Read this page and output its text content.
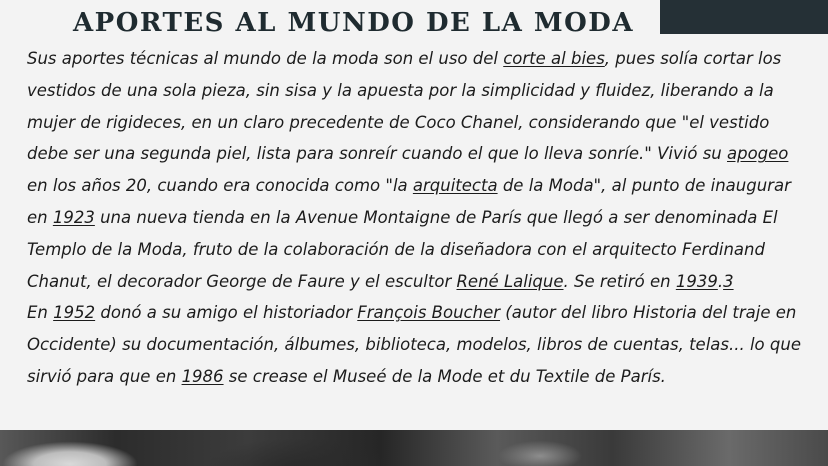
APORTES AL MUNDO DE LA MODA

Sus aportes técnicas al mundo de la moda son el uso del corte al bies, pues solía cortar los vestidos de una sola pieza, sin sisa y la apuesta por la simplicidad y fluidez, liberando a la mujer de rigideces, en un claro precedente de Coco Chanel, considerando que "el vestido debe ser una segunda piel, lista para sonreír cuando el que lo lleva sonríe." Vivió su apogeo en los años 20, cuando era conocida como "la arquitecta de la Moda", al punto de inaugurar en 1923 una nueva tienda en la Avenue Montaigne de París que llegó a ser denominada El Templo de la Moda, fruto de la colaboración de la diseñadora con el arquitecto Ferdinand Chanut, el decorador George de Faure y el escultor René Lalique. Se retiró en 1939.3

En 1952 donó a su amigo el historiador François Boucher (autor del libro Historia del traje en Occidente) su documentación, álbumes, biblioteca, modelos, libros de cuentas, telas... lo que sirvió para que en 1986 se crease el Museé de la Mode et du Textile de París.
